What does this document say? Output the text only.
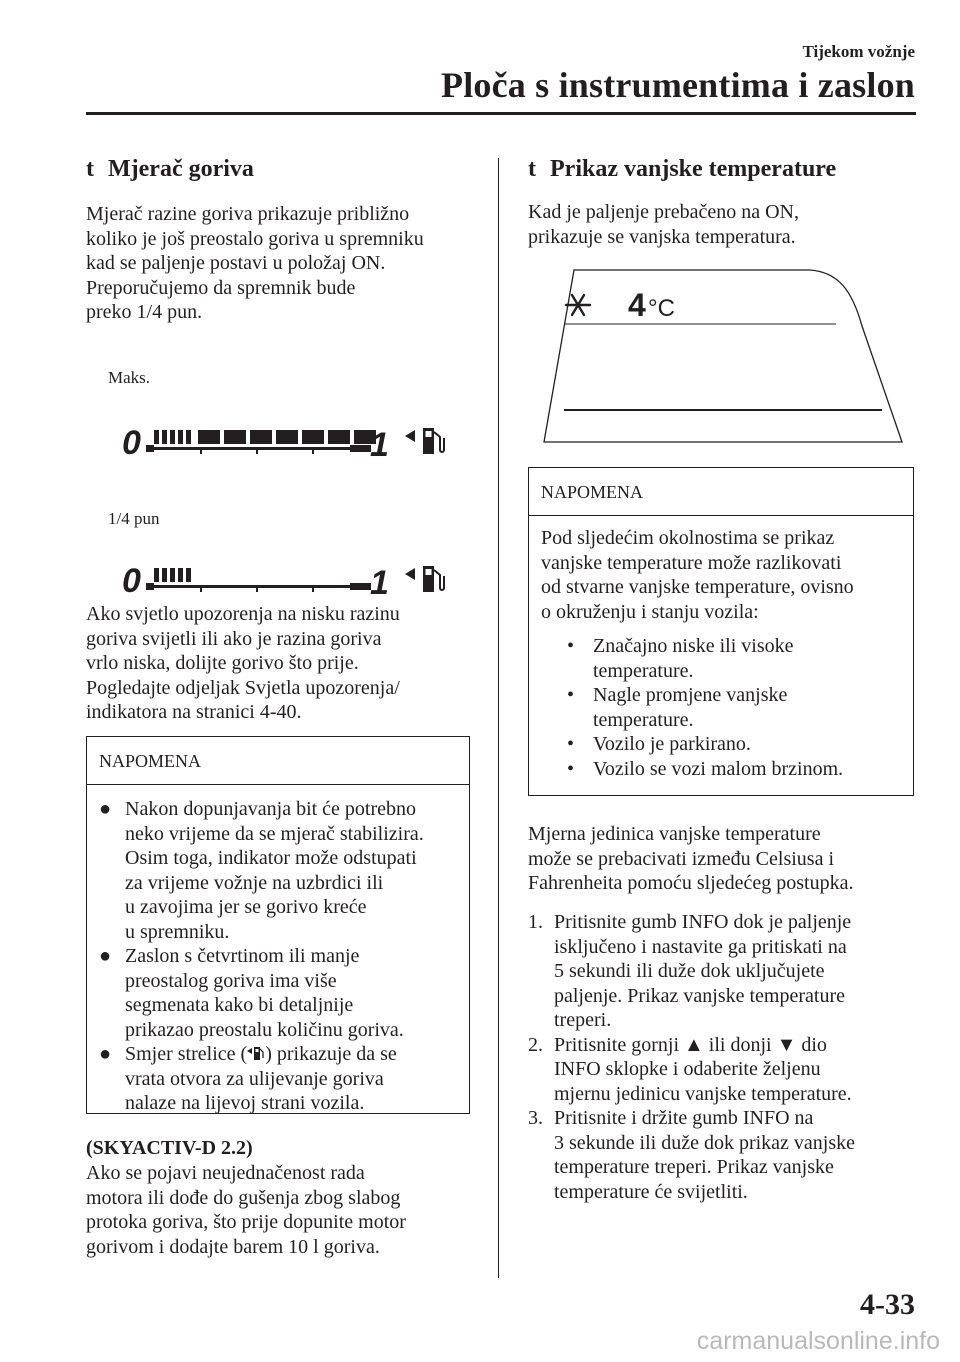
Tijekom vožnje
Ploča s instrumentima i zaslon
t Mjerač goriva
Mjerač razine goriva prikazuje približno
koliko je još preostalo goriva u spremniku
kad se paljenje postavi u položaj ON.
Preporučujemo da spremnik bude
preko 1/4 pun.
Maks.
0	1
1/4 pun
0	1
Ako svjetlo upozorenja na nisku razinu
goriva svijetli ili ako je razina goriva
vrlo niska, dolijte gorivo što prije.
Pogledajte odjeljak Svjetla upozorenja/
indikatora na stranici 4-40.
NAPOMENA
● Nakon dopunjavanja bit će potrebno
neko vrijeme da se mjerač stabilizira.
Osim toga, indikator može odstupati
za vrijeme vožnje na uzbrdici ili
u zavojima jer se gorivo kreće
u spremniku.
● Zaslon s četvrtinom ili manje
preostalog goriva ima više
segmenata kako bi detaljnije
prikazao preostalu količinu goriva.
● Smjer strelice ( ) prikazuje da se
vrata otvora za ulijevanje goriva
nalaze na lijevoj strani vozila.
(SKYACTIV-D 2.2)
Ako se pojavi neujednačenost rada
motora ili dođe do gušenja zbog slabog
protoka goriva, što prije dopunite motor
gorivom i dodajte barem 10 l goriva.
t Prikaz vanjske temperature
Kad je paljenje prebačeno na ON,
prikazuje se vanjska temperatura.
4 °C
NAPOMENA
Pod sljedećim okolnostima se prikaz
vanjske temperature može razlikovati
od stvarne vanjske temperature, ovisno
o okruženju i stanju vozila:
• Značajno niske ili visoke
temperature.
• Nagle promjene vanjske
temperature.
• Vozilo je parkirano.
• Vozilo se vozi malom brzinom.
Mjerna jedinica vanjske temperature
može se prebacivati između Celsiusa i
Fahrenheita pomoću sljedećeg postupka.
1. Pritisnite gumb INFO dok je paljenje
isključeno i nastavite ga pritiskati na
5 sekundi ili duže dok uključujete
paljenje. Prikaz vanjske temperature
treperi.
2. Pritisnite gornji ▲ ili donji ▼ dio
INFO sklopke i odaberite željenu
mjernu jedinicu vanjske temperature.
3. Pritisnite i držite gumb INFO na
3 sekunde ili duže dok prikaz vanjske
temperature treperi. Prikaz vanjske
temperature će svijetliti.
4-33
carmanualsonline.info
